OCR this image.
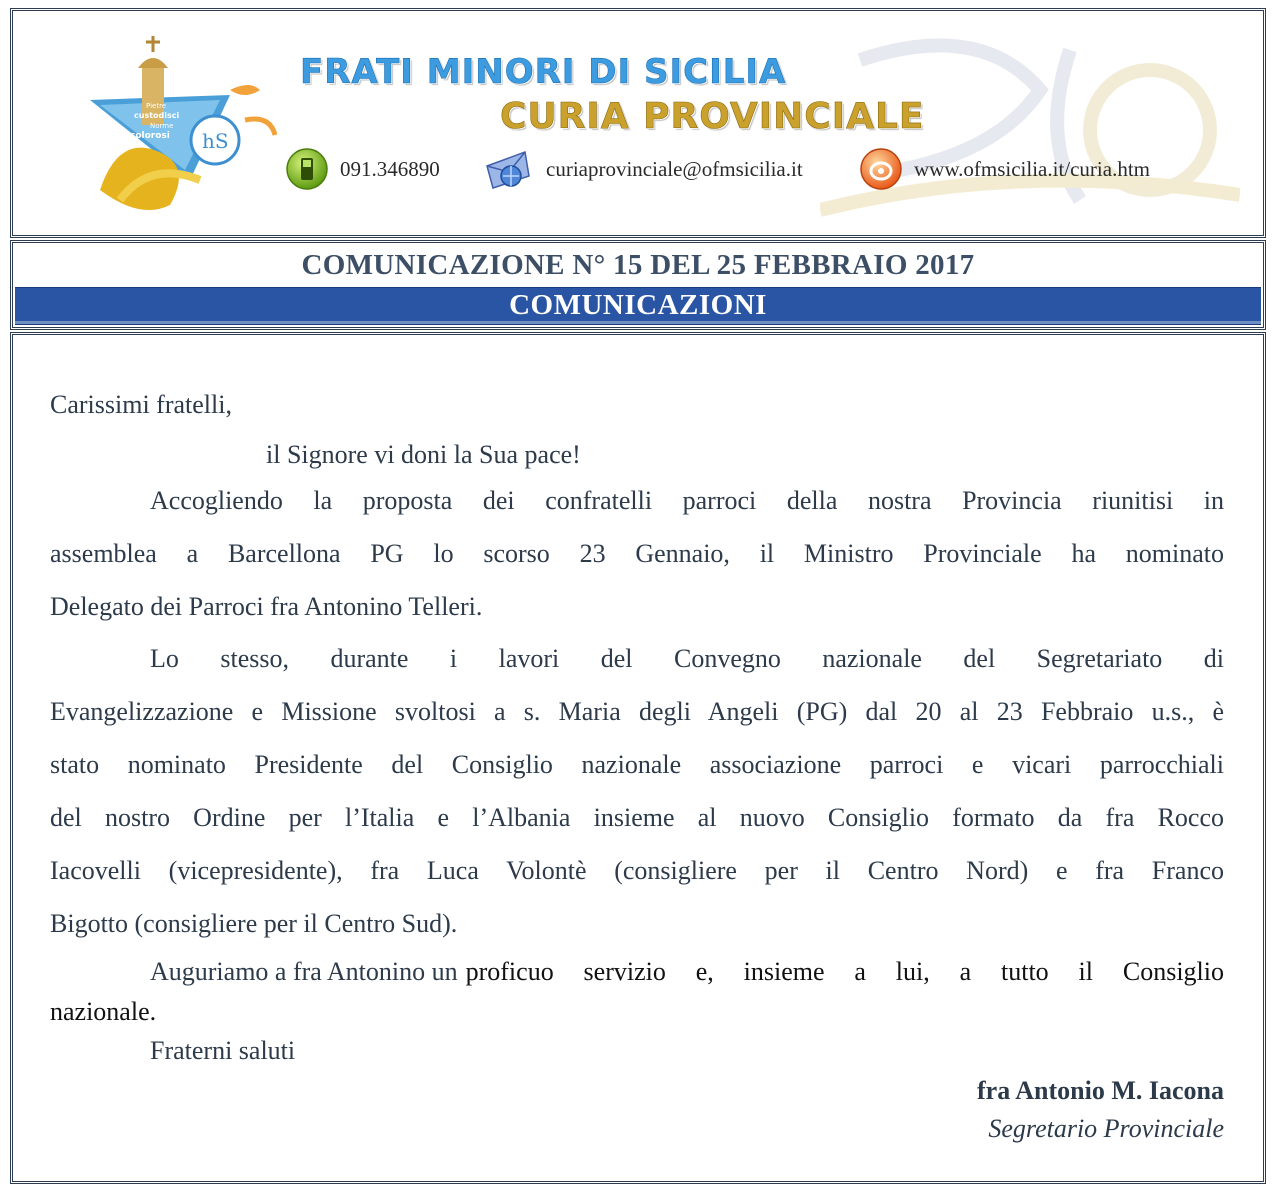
hS
Pietre
custodisci
Norme
colorosi
FRATI MINORI DI SICILIA
CURIA PROVINCIALE
091.346890	curiaprovinciale@ofmsicilia.it	www.ofmsicilia.it/curia.htm
COMUNICAZIONE N° 15 DEL 25 FEBBRAIO 2017
COMUNICAZIONI
Carissimi fratelli,
il Signore vi doni la Sua pace!
Accogliendo la proposta dei confratelli parroci della nostra Provincia riunitisi in
assemblea a Barcellona PG lo scorso 23 Gennaio, il Ministro Provinciale ha nominato
Delegato dei Parroci fra Antonino Telleri.
Lo stesso, durante i lavori del Convegno nazionale del Segretariato di
Evangelizzazione e Missione svoltosi a s. Maria degli Angeli (PG) dal 20 al 23 Febbraio u.s., è
stato nominato Presidente del Consiglio nazionale associazione parroci e vicari parrocchiali
del nostro Ordine per l’Italia e l’Albania insieme al nuovo Consiglio formato da fra Rocco
Iacovelli (vicepresidente), fra Luca Volontè (consigliere per il Centro Nord) e fra Franco
Bigotto (consigliere per il Centro Sud).
Auguriamo a fra Antonino un proficuo servizio e, insieme a lui, a tutto il Consiglio
nazionale.
Fraterni saluti
fra Antonio M. Iacona
Segretario Provinciale
